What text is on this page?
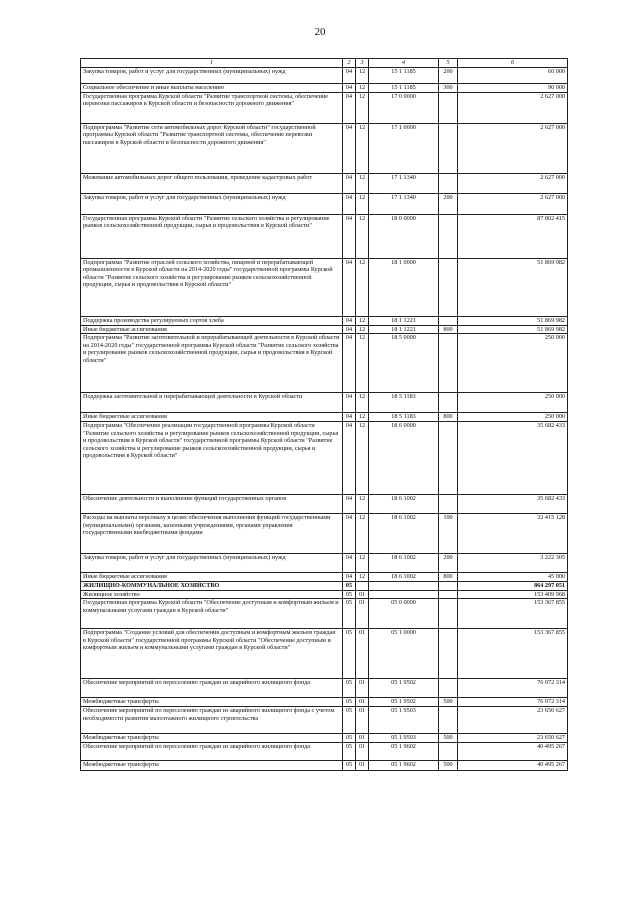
20
1	2	3	4	5	6
Закупка товаров, работ и услуг для государственных (муниципальных) нужд	04	12	15 1 1185	200	60 000
Социальное обеспечение и иные выплаты населению	04	12	15 1 1185	300	90 000
Государственная программа Курской области "Развитие транспортной системы, обеспечение перевозки пассажиров в Курской области и безопасности дорожного движения"	04	12	17 0 0000		2 627 000
Подпрограмма "Развитие сети автомобильных дорог Курской области" государственной программы Курской области "Развитие транспортной системы, обеспечение перевозки пассажиров в Курской области и безопасности дорожного движения"	04	12	17 1 0000		2 627 000
Межевание автомобильных дорог общего пользования, проведение кадастровых работ	04	12	17 1 1340		2 627 000
Закупка товаров, работ и услуг для государственных (муниципальных) нужд	04	12	17 1 1340	200	2 627 000
Государственная программа Курской области "Развитие сельского хозяйства и регулирование рынков сельскохозяйственной продукции, сырья и продовольствия в Курской области"	04	12	18 0 0000		87 802 415
Подпрограмма "Развитие отраслей сельского хозяйства, пищевой и перерабатывающей промышленности в Курской области на 2014-2020 годы" государственной программы Курской области "Развитие сельского хозяйства и регулирование рынков сельскохозяйственной продукции, сырья и продовольствия в Курской области"	04	12	18 1 0000		51 869 982
Поддержка производства регулируемых сортов хлеба	04	12	18 1 1221		51 869 982
Иные бюджетные ассигнования	04	12	18 1 1221	800	51 869 982
Подпрограмма "Развитие заготовительной и перерабатывающей деятельности в Курской области на 2014-2020 годы" государственной программы Курской области "Развитие сельского хозяйства и регулирование рынков сельскохозяйственной продукции, сырья и продовольствия в Курской области"	04	12	18 5 0000		250 000
Поддержка заготовительной и перерабатывающей деятельности в Курской области	04	12	18 5 1183		250 000
Иные бюджетные ассигнования	04	12	18 5 1183	800	250 000
Подпрограмма "Обеспечение реализации государственной программы Курской области "Развитие сельского хозяйства и регулирование рынков сельскохозяйственной продукции, сырья и продовольствия в Курской области" государственной программы Курской области "Развитие сельского хозяйства и регулирование рынков сельскохозяйственной продукции, сырья и продовольствия в Курской области"	04	12	18 6 0000		35 682 433
Обеспечение деятельности и выполнение функций государственных органов	04	12	18 6 1002		35 682 433
Расходы на выплаты персоналу в целях обеспечения выполнения функций государственными (муниципальными) органами, казенными учреждениями, органами управления государственными внебюджетными фондами	04	12	18 6 1002	100	32 415 128
Закупка товаров, работ и услуг для государственных (муниципальных) нужд	04	12	18 6 1002	200	3 222 305
Иные бюджетные ассигнования	04	12	18 6 1002	800	45 000
ЖИЛИЩНО-КОММУНАЛЬНОЕ ХОЗЯЙСТВО	05				864 297 051
Жилищное хозяйство	05	01			153 409 968
Государственная программа Курской области "Обеспечение доступным и комфортным жильем и коммунальными услугами граждан в Курской области"	05	01	05 0 0000		153 367 855
Подпрограмма "Создание условий для обеспечения доступным и комфортным жильем граждан в Курской области" государственной программы Курской области "Обеспечение доступным и комфортным жильем и коммунальными услугами граждан в Курской области"	05	01	05 1 0000		153 367 855
Обеспечение мероприятий по переселению граждан из аварийного жилищного фонда	05	01	05 1 9502		76 072 314
Межбюджетные трансферты	05	01	05 1 9502	500	76 072 314
Обеспечение мероприятий по переселению граждан из аварийного жилищного фонда с учетом необходимости развития малоэтажного жилищного строительства	05	01	05 1 9503		23 650 627
Межбюджетные трансферты	05	01	05 1 9503	500	23 650 627
Обеспечение мероприятий по переселению граждан из аварийного жилищного фонда	05	01	05 1 9602		40 495 267
Межбюджетные трансферты	05	01	05 1 9602	500	40 495 267
